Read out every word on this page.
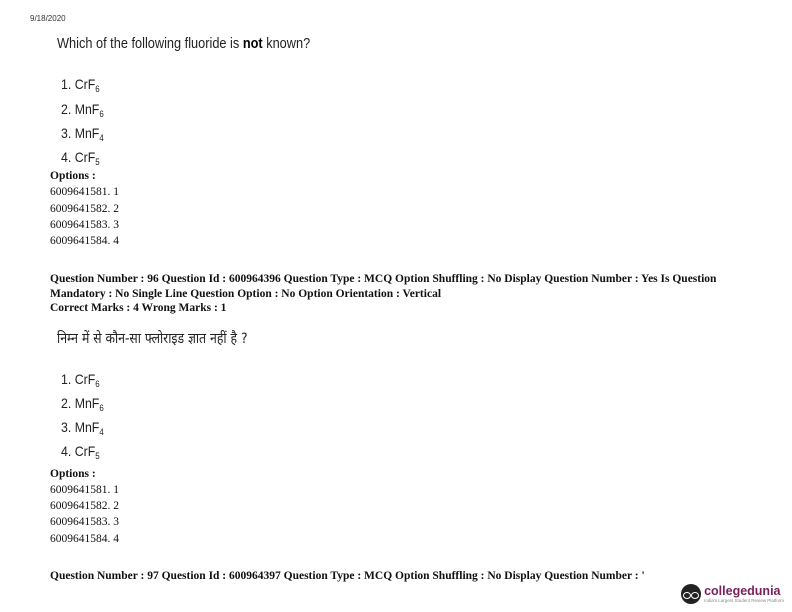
9/18/2020
Which of the following fluoride is not known?
1. CrF$_6$
2. MnF$_6$
3. MnF$_4$
4. CrF$_5$
Options :
6009641581. 1
6009641582. 2
6009641583. 3
6009641584. 4
Question Number : 96 Question Id : 600964396 Question Type : MCQ Option Shuffling : No Display Question Number : Yes Is Question Mandatory : No Single Line Question Option : No Option Orientation : Vertical
Correct Marks : 4 Wrong Marks : 1
निम्न में से कौन-सा फ्लोराइड ज्ञात नहीं है ?
1. CrF$_6$
2. MnF$_6$
3. MnF$_4$
4. CrF$_5$
Options :
6009641581. 1
6009641582. 2
6009641583. 3
6009641584. 4
Question Number : 97 Question Id : 600964397 Question Type : MCQ Option Shuffling : No Display Question Number : '
collegedunia
India's Largest Student Review Platform
